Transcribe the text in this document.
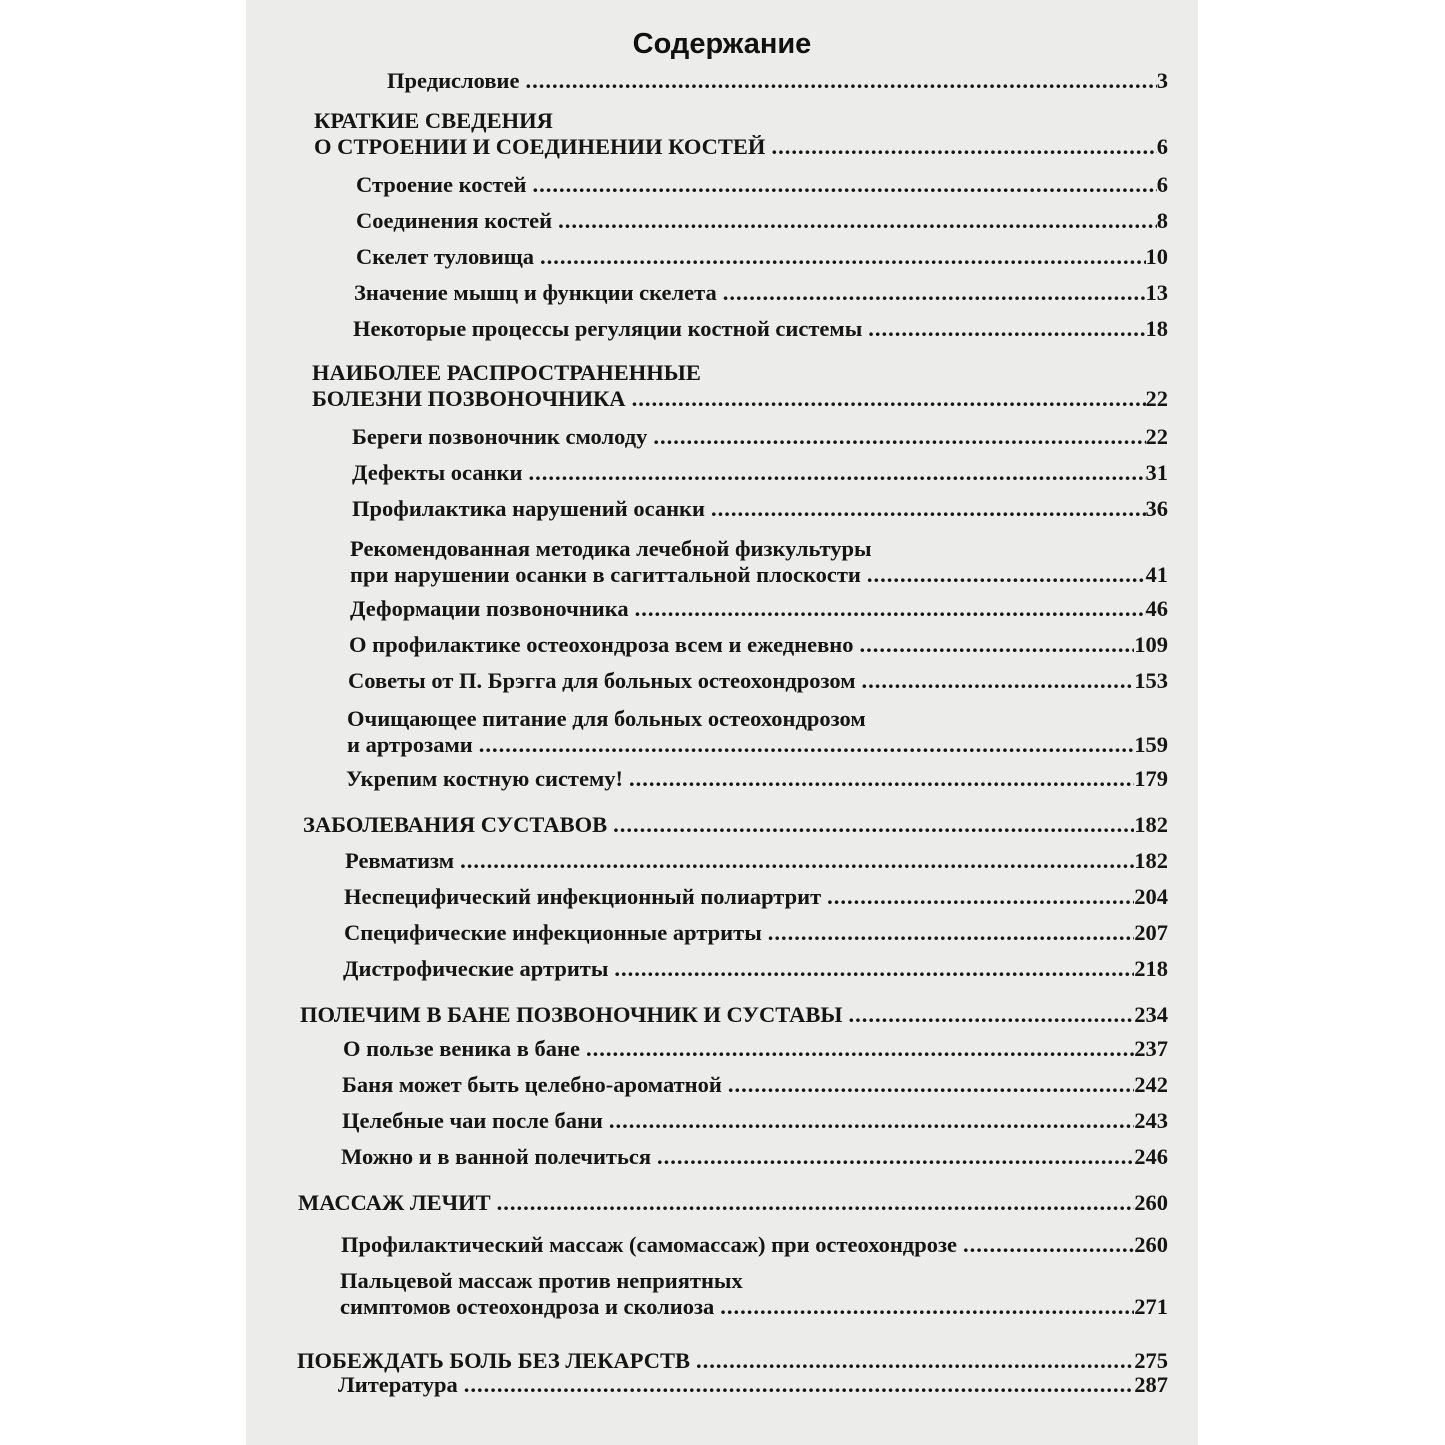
Содержание
Предисловие .....	3
КРАТКИЕ СВЕДЕНИЯ
О СТРОЕНИИ И СОЕДИНЕНИИ КОСТЕЙ .....	6
Строение костей .....	6
Соединения костей .....	8
Скелет туловища .....	10
Значение мышц и функции скелета .....	13
Некоторые процессы регуляции костной системы .....	18
НАИБОЛЕЕ РАСПРОСТРАНЕННЫЕ
БОЛЕЗНИ ПОЗВОНОЧНИКА .....	22
Береги позвоночник смолоду .....	22
Дефекты осанки .....	31
Профилактика нарушений осанки .....	36
Рекомендованная методика лечебной физкультуры
при нарушении осанки в сагиттальной плоскости .....	41
Деформации позвоночника .....	46
О профилактике остеохондроза всем и ежедневно .....	109
Советы от П. Брэгга для больных остеохондрозом .....	153
Очищающее питание для больных остеохондрозом
и артрозами .....	159
Укрепим костную систему! .....	179
ЗАБОЛЕВАНИЯ СУСТАВОВ .....	182
Ревматизм .....	182
Неспецифический инфекционный полиартрит .....	204
Специфические инфекционные артриты .....	207
Дистрофические артриты .....	218
ПОЛЕЧИМ В БАНЕ ПОЗВОНОЧНИК И СУСТАВЫ .....	234
О пользе веника в бане .....	237
Баня может быть целебно-ароматной .....	242
Целебные чаи после бани .....	243
Можно и в ванной полечиться .....	246
МАССАЖ ЛЕЧИТ .....	260
Профилактический массаж (самомассаж) при остеохондрозе .....	260
Пальцевой массаж против неприятных
симптомов остеохондроза и сколиоза .....	271
ПОБЕЖДАТЬ БОЛЬ БЕЗ ЛЕКАРСТВ .....	275
Литература .....	287
